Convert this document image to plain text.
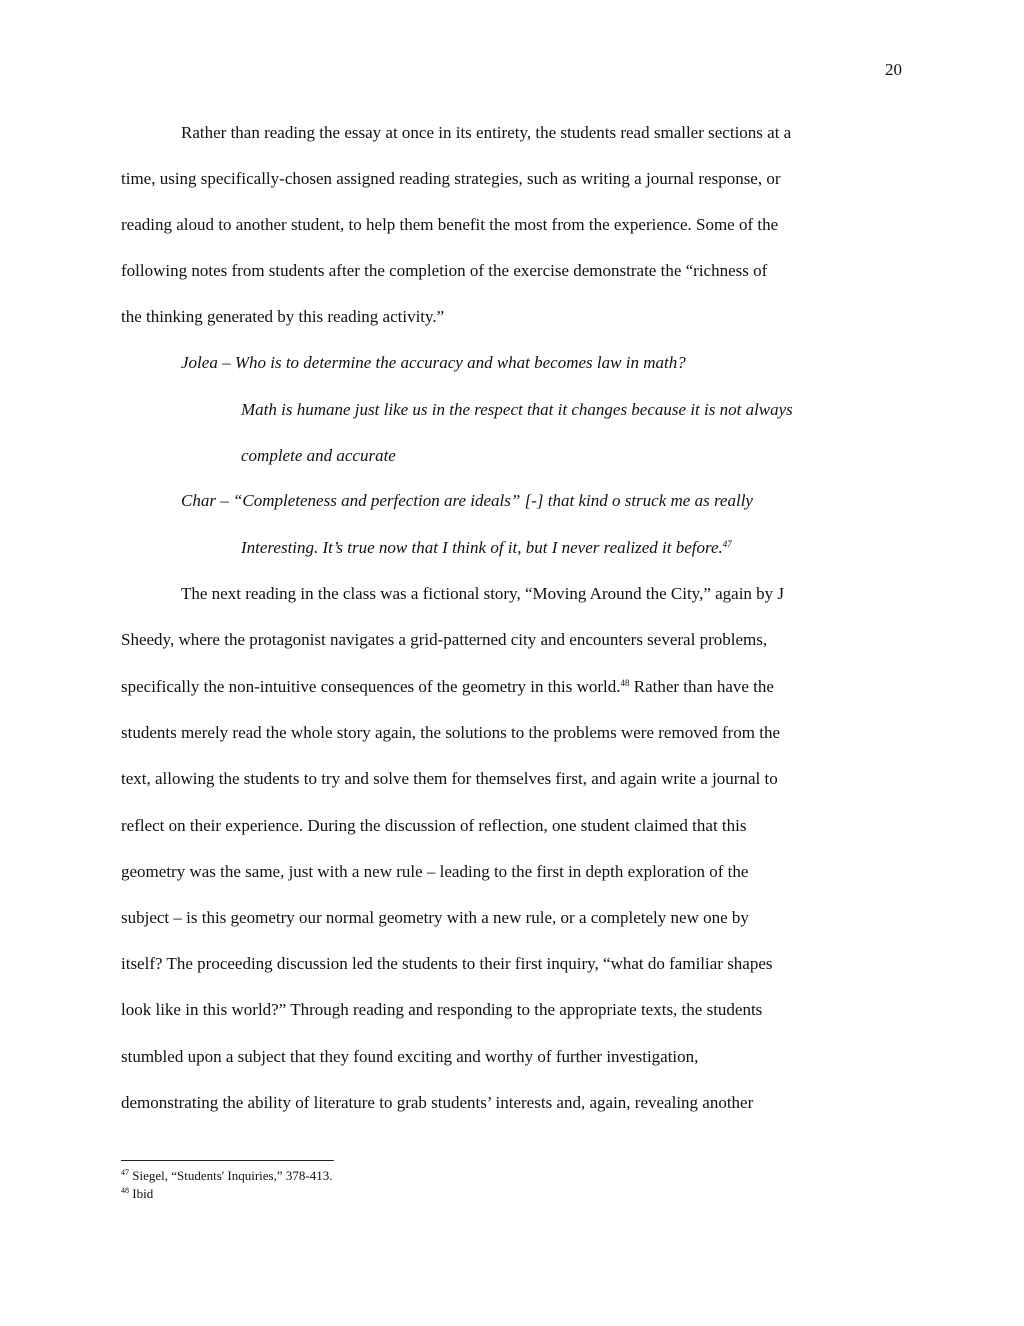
20
Rather than reading the essay at once in its entirety, the students read smaller sections at a
time, using specifically-chosen assigned reading strategies, such as writing a journal response, or
reading aloud to another student, to help them benefit the most from the experience. Some of the
following notes from students after the completion of the exercise demonstrate the “richness of
the thinking generated by this reading activity.”
Jolea – Who is to determine the accuracy and what becomes law in math?
Math is humane just like us in the respect that it changes because it is not always
complete and accurate
Char – “Completeness and perfection are ideals” [-] that kind o struck me as really
Interesting. It’s true now that I think of it, but I never realized it before.$^{47}$
The next reading in the class was a fictional story, “Moving Around the City,” again by J
Sheedy, where the protagonist navigates a grid-patterned city and encounters several problems,
specifically the non-intuitive consequences of the geometry in this world.$^{48}$ Rather than have the
students merely read the whole story again, the solutions to the problems were removed from the
text, allowing the students to try and solve them for themselves first, and again write a journal to
reflect on their experience. During the discussion of reflection, one student claimed that this
geometry was the same, just with a new rule – leading to the first in depth exploration of the
subject – is this geometry our normal geometry with a new rule, or a completely new one by
itself? The proceeding discussion led the students to their first inquiry, “what do familiar shapes
look like in this world?” Through reading and responding to the appropriate texts, the students
stumbled upon a subject that they found exciting and worthy of further investigation,
demonstrating the ability of literature to grab students’ interests and, again, revealing another
$^{47}$ Siegel, “Students' Inquiries,” 378-413.
$^{48}$ Ibid
